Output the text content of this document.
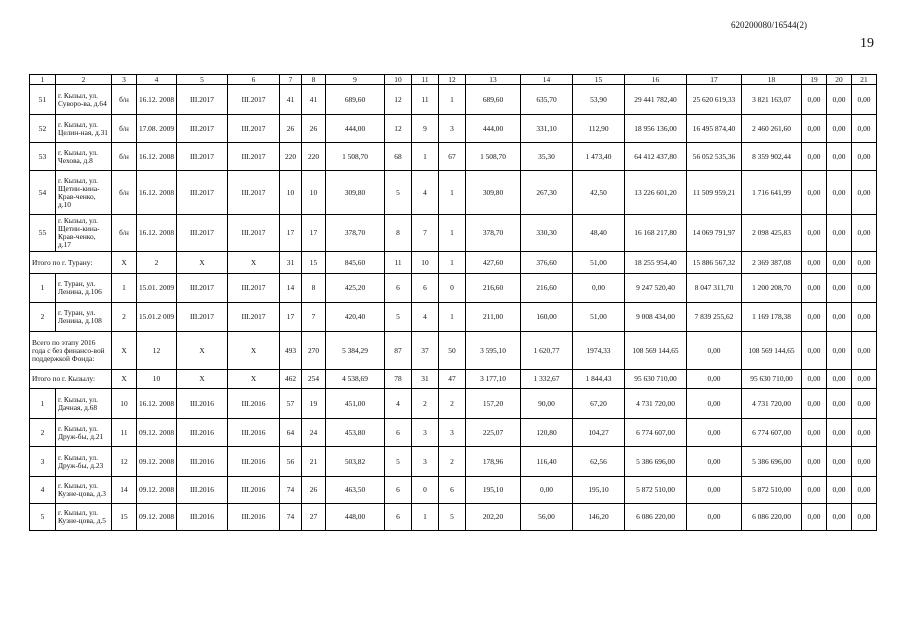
620200080/16544(2)
19
1	2	3	4	5	6	7	8	9	10	11	12	13	14	15	16	17	18	19	20	21
51	г. Кызыл, ул. Суворо-ва, д.64	б/н	16.12. 2008	III.2017	III.2017	41	41	689,60	12	11	1	689,60	635,70	53,90	29 441 782,40	25 620 619,33	3 821 163,07	0,00	0,00	0,00
52	г. Кызыл, ул. Целин-ная, д.31	б/н	17.08. 2009	III.2017	III.2017	26	26	444,00	12	9	3	444,00	331,10	112,90	18 956 136,00	16 495 874,40	2 460 261,60	0,00	0,00	0,00
53	г. Кызыл, ул. Чехова, д.8	б/н	16.12. 2008	III.2017	III.2017	220	220	1 508,70	68	1	67	1 508,70	35,30	1 473,40	64 412 437,80	56 052 535,36	8 359 902,44	0,00	0,00	0,00
54	г. Кызыл, ул. Щетин-кина-Крав-ченко, д.10	б/н	16.12. 2008	III.2017	III.2017	10	10	309,80	5	4	1	309,80	267,30	42,50	13 226 601,20	11 509 959,21	1 716 641,99	0,00	0,00	0,00
55	г. Кызыл, ул. Щетин-кина-Крав-ченко, д.17	б/н	16.12. 2008	III.2017	III.2017	17	17	378,70	8	7	1	378,70	330,30	48,40	16 168 217,80	14 069 791,97	2 098 425,83	0,00	0,00	0,00
Итого по г. Турану:		X	2	X	X	31	15	845,60	11	10	1	427,60	376,60	51,00	18 255 954,40	15 886 567,32	2 369 387,08	0,00	0,00	0,00
1	г. Туран, ул. Ленина, д.106	1	15.01. 2009	III.2017	III.2017	14	8	425,20	6	6	0	216,60	216,60	0,00	9 247 520,40	8 047 311,70	1 200 208,70	0,00	0,00	0,00
2	г. Туран, ул. Ленина, д.108	2	15.01.2 009	III.2017	III.2017	17	7	420,40	5	4	1	211,00	160,00	51,00	9 008 434,00	7 839 255,62	1 169 178,38	0,00	0,00	0,00
Всего по этапу 2016 года с без финансо-вой поддержкой Фонда:		X	12	X	X	493	270	5 384,29	87	37	50	3 595,10	1 620,77	1974,33	108 569 144,65	0,00	108 569 144,65	0,00	0,00	0,00
Итого по г. Кызылу:		X	10	X	X	462	254	4 538,69	78	31	47	3 177,10	1 332,67	1 844,43	95 630 710,00	0,00	95 630 710,00	0,00	0,00	0,00
1	г. Кызыл, ул. Дачная, д.68	10	16.12. 2008	III.2016	III.2016	57	19	451,00	4	2	2	157,20	90,00	67,20	4 731 720,00	0,00	4 731 720,00	0,00	0,00	0,00
2	г. Кызыл, ул. Друж-бы, д.21	11	09.12. 2008	III.2016	III.2016	64	24	453,80	6	3	3	225,07	120,80	104,27	6 774 607,00	0,00	6 774 607,00	0,00	0,00	0,00
3	г. Кызыл, ул. Друж-бы, д.23	12	09.12. 2008	III.2016	III.2016	56	21	503,82	5	3	2	178,96	116,40	62,56	5 386 696,00	0,00	5 386 696,00	0,00	0,00	0,00
4	г. Кызыл, ул. Кузне-цова, д.3	14	09.12. 2008	III.2016	III.2016	74	26	463,50	6	0	6	195,10	0,00	195,10	5 872 510,00	0,00	5 872 510,00	0,00	0,00	0,00
5	г. Кызыл, ул. Кузне-цова, д.5	15	09.12. 2008	III.2016	III.2016	74	27	448,00	6	1	5	202,20	56,00	146,20	6 086 220,00	0,00	6 086 220,00	0,00	0,00	0,00
